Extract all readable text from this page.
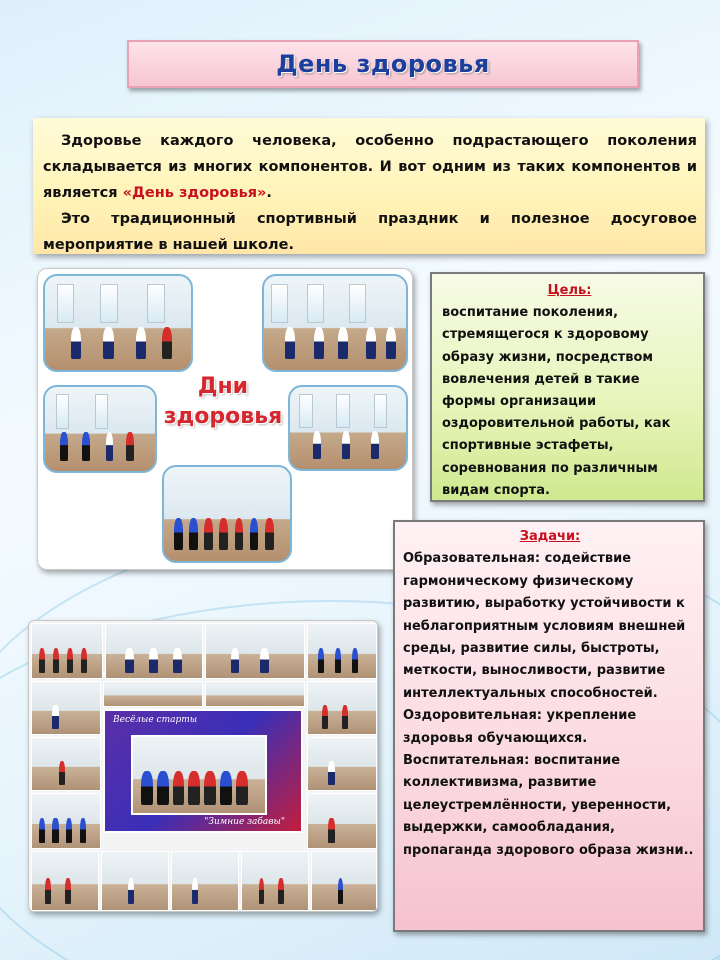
День здоровья

Здоровье каждого человека, особенно подрастающего поколения складывается из многих компонентов. И вот одним из таких компонентов и является «День здоровья».

Это традиционный спортивный праздник и полезное досуговое мероприятие в нашей школе.

Дни здоровья
Цель:
воспитание поколения, стремящегося к здоровому образу жизни, посредством вовлечения детей в такие формы организации оздоровительной работы, как спортивные эстафеты, соревнования по различным видам спорта.
Задачи:
Образовательная: содействие гармоническому физическому развитию, выработку устойчивости к неблагоприятным условиям внешней среды, развитие силы, быстроты, меткости, выносливости, развитие интеллектуальных способностей.
Оздоровительная: укрепление здоровья обучающихся.
Воспитательная: воспитание коллективизма, развитие целеустремлённости, уверенности, выдержки, самообладания, пропаганда здорового образа жизни..
Весёлые старты
"Зимние забавы"
